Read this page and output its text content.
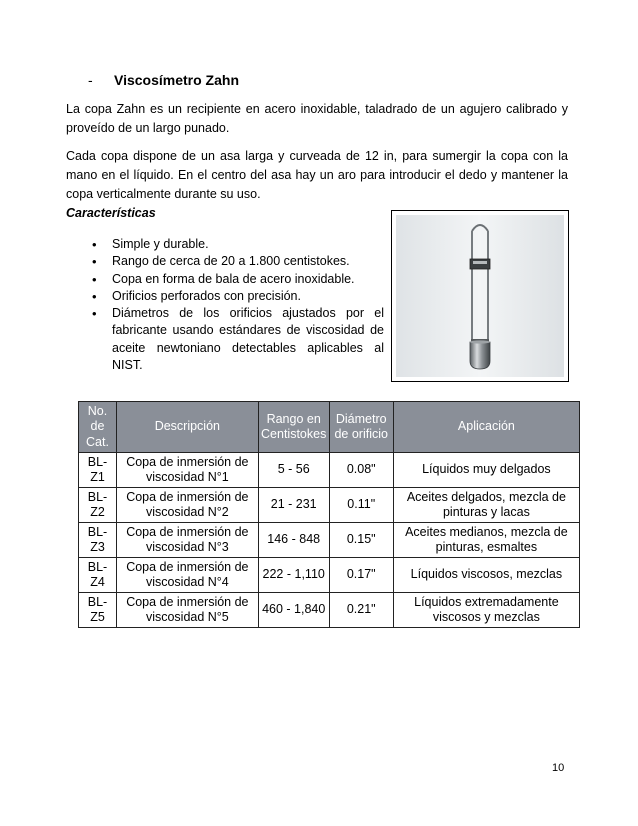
- Viscosímetro Zahn

La copa Zahn es un recipiente en acero inoxidable, taladrado de un agujero calibrado y proveído de un largo punado.

Cada copa dispone de un asa larga y curveada de 12 in, para sumergir la copa con la mano en el líquido. En el centro del asa hay un aro para introducir el dedo y mantener la copa verticalmente durante su uso.

Características
• Simple y durable.
• Rango de cerca de 20 a 1.800 centistokes.
• Copa en forma de bala de acero inoxidable.
• Orificios perforados con precisión.
• Diámetros de los orificios ajustados por el fabricante usando estándares de viscosidad de aceite newtoniano detectables aplicables al NIST.
No. de Cat.	Descripción	Rango en Centistokes	Diámetro de orificio	Aplicación
BL-Z1	Copa de inmersión de viscosidad N°1	5 - 56	0.08"	Líquidos muy delgados
BL-Z2	Copa de inmersión de viscosidad N°2	21 - 231	0.11"	Aceites delgados, mezcla de pinturas y lacas
BL-Z3	Copa de inmersión de viscosidad N°3	146 - 848	0.15"	Aceites medianos, mezcla de pinturas, esmaltes
BL-Z4	Copa de inmersión de viscosidad N°4	222 - 1,110	0.17"	Líquidos viscosos, mezclas
BL-Z5	Copa de inmersión de viscosidad N°5	460 - 1,840	0.21"	Líquidos extremadamente viscosos y mezclas
10
